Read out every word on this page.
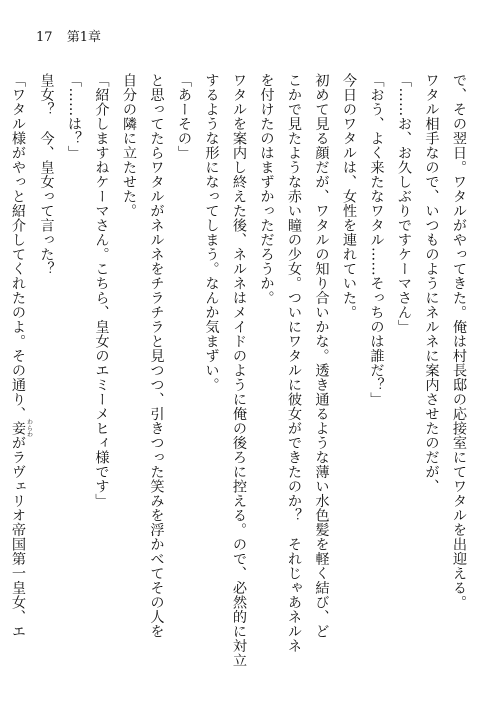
17 第1章

で、その翌日。ワタルがやってきた。俺は村長邸の応接室にてワタルを出迎える。

ワタル相手なので、いつものようにネルネに案内させたのだが、

「……お、お久しぶりですケーマさん」

「おう、よく来たなワタル……そっちのは誰だ？」

今日のワタルは、女性を連れていた。

初めて見る顔だが、ワタルの知り合いかな。透き通るような薄い水色髪を軽く結び、ど

こかで見たような赤い瞳の少女。ついにワタルに彼女ができたのか？　それじゃあネルネ

を付けたのはまずかっただろうか。

ワタルを案内し終えた後、ネルネはメイドのように俺の後ろに控える。ので、必然的に対立

するような形になってしまう。なんか気まずい。

「あーその」

と思ってたらワタルがネルネをチラチラと見つつ、引きつった笑みを浮かべてその人を

自分の隣に立たせた。

「紹介しますねケーマさん。こちら、皇女のエミーメヒィ様です」

「……は？」

皇女？　今、皇女って言った？

「ワタル様がやっと紹介してくれたのよ。その通り、妾 わらわがラヴェリオ帝国第一皇女、エ
